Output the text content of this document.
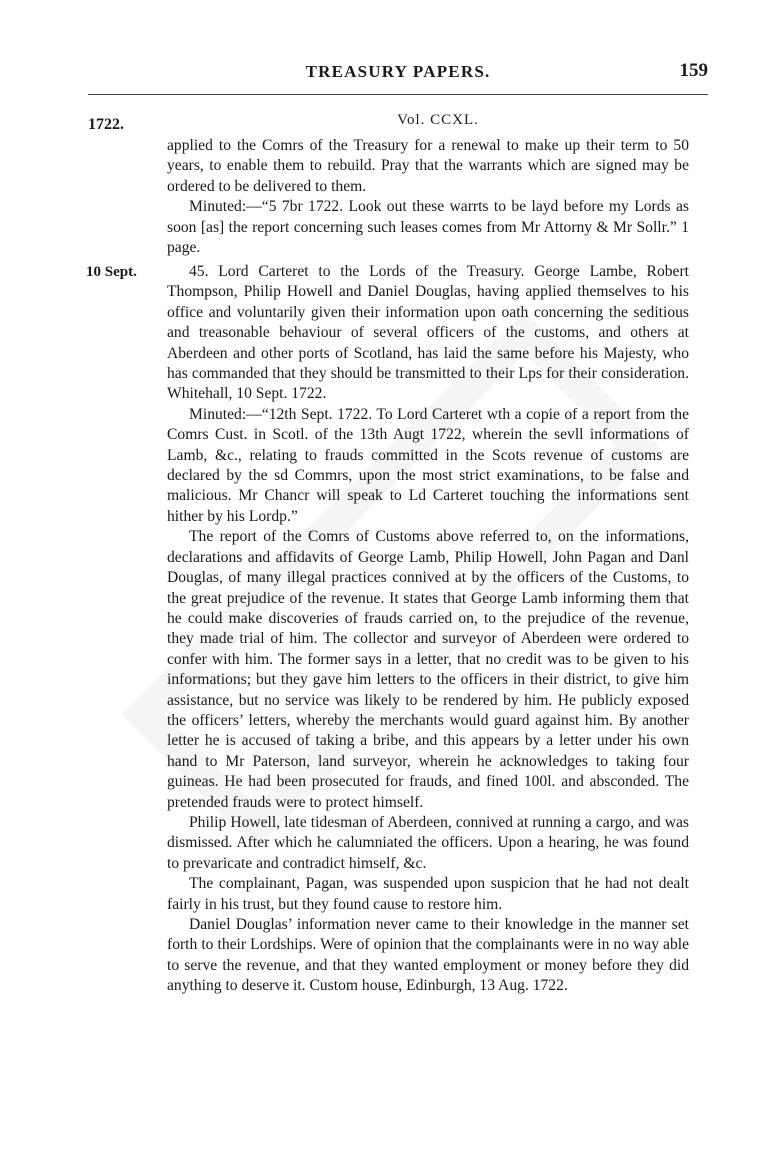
TREASURY PAPERS.	159
1722.	Vol. CCXL.

applied to the Comrs of the Treasury for a renewal to make up their term to 50 years, to enable them to rebuild. Pray that the warrants which are signed may be ordered to be delivered to them.

Minuted:—“5 7br 1722. Look out these warrts to be layd before my Lords as soon [as] the report concerning such leases comes from Mr Attorny & Mr Sollr.” 1 page.

10 Sept.	45. Lord Carteret to the Lords of the Treasury. George Lambe, Robert Thompson, Philip Howell and Daniel Douglas, having applied themselves to his office and voluntarily given their information upon oath concerning the seditious and treasonable behaviour of several officers of the customs, and others at Aberdeen and other ports of Scotland, has laid the same before his Majesty, who has commanded that they should be transmitted to their Lps for their consideration. Whitehall, 10 Sept. 1722.

Minuted:—“12th Sept. 1722. To Lord Carteret wth a copie of a report from the Comrs Cust. in Scotl. of the 13th Augt 1722, wherein the sevll informations of Lamb, &c., relating to frauds committed in the Scots revenue of customs are declared by the sd Commrs, upon the most strict examinations, to be false and malicious. Mr Chancr will speak to Ld Carteret touching the informations sent hither by his Lordp.”

The report of the Comrs of Customs above referred to, on the informations, declarations and affidavits of George Lamb, Philip Howell, John Pagan and Danl Douglas, of many illegal practices connived at by the officers of the Customs, to the great prejudice of the revenue. It states that George Lamb informing them that he could make discoveries of frauds carried on, to the prejudice of the revenue, they made trial of him. The collector and surveyor of Aberdeen were ordered to confer with him. The former says in a letter, that no credit was to be given to his informations; but they gave him letters to the officers in their district, to give him assistance, but no service was likely to be rendered by him. He publicly exposed the officers’ letters, whereby the merchants would guard against him. By another letter he is accused of taking a bribe, and this appears by a letter under his own hand to Mr Paterson, land surveyor, wherein he acknowledges to taking four guineas. He had been prosecuted for frauds, and fined 100l. and absconded. The pretended frauds were to protect himself.

Philip Howell, late tidesman of Aberdeen, connived at running a cargo, and was dismissed. After which he calumniated the officers. Upon a hearing, he was found to prevaricate and contradict himself, &c.

The complainant, Pagan, was suspended upon suspicion that he had not dealt fairly in his trust, but they found cause to restore him.

Daniel Douglas’ information never came to their knowledge in the manner set forth to their Lordships. Were of opinion that the complainants were in no way able to serve the revenue, and that they wanted employment or money before they did anything to deserve it. Custom house, Edinburgh, 13 Aug. 1722.
